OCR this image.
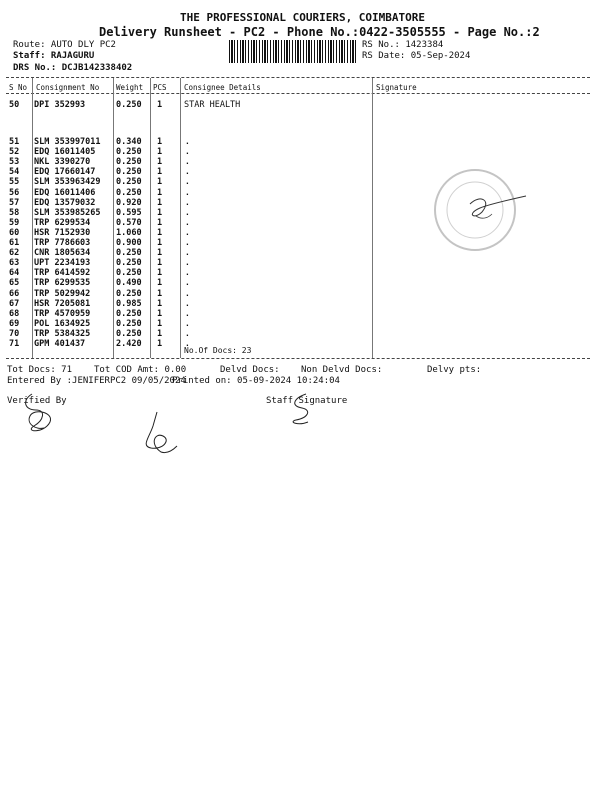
THE PROFESSIONAL COURIERS, COIMBATORE
Delivery Runsheet - PC2 - Phone No.:0422-3505555 - Page No.:2
Route: AUTO DLY PC2
Staff: RAJAGURU
DRS No.: DCJB142338402
RS No.: 1423384
RS Date: 05-Sep-2024
S No Consignment No Weight PCS Consignee Details	Signature
50 DPI 352993	0.250 1	STAR HEALTH
51 SLM 353997011 0.340 1	.
52 EDQ 16011405 0.250 1	.
53 NKL 3390270	0.250 1	.
54 EDQ 17660147 0.250 1	.
55 SLM 353963429 0.250 1	.
56 EDQ 16011406 0.250 1	.
57 EDQ 13579032 0.920 1	.
58 SLM 353985265 0.595 1	.
59 TRP 6299534	0.570 1	.
60 HSR 7152930	1.060 1	.
61 TRP 7786603	0.900 1	.
62 CNR 1805634	0.250 1	.
63 UPT 2234193	0.250 1	.
64 TRP 6414592	0.250 1	.
65 TRP 6299535	0.490 1	.
66 TRP 5029942	0.250 1	.
67 HSR 7205081	0.985 1	.
68 TRP 4570959	0.250 1	.
69 POL 1634925	0.250 1	.
70 TRP 5384325	0.250 1	.
71 GPM 401437	2.420 1	.
No.Of Docs: 23
Tot Docs: 71 Tot COD Amt: 0.00	Delvd Docs: Non Delvd Docs:	Delvy pts:
Entered By :JENIFERPC2 09/05/2024
Printed on: 05-09-2024 10:24:04
Verified By	Staff Signature
